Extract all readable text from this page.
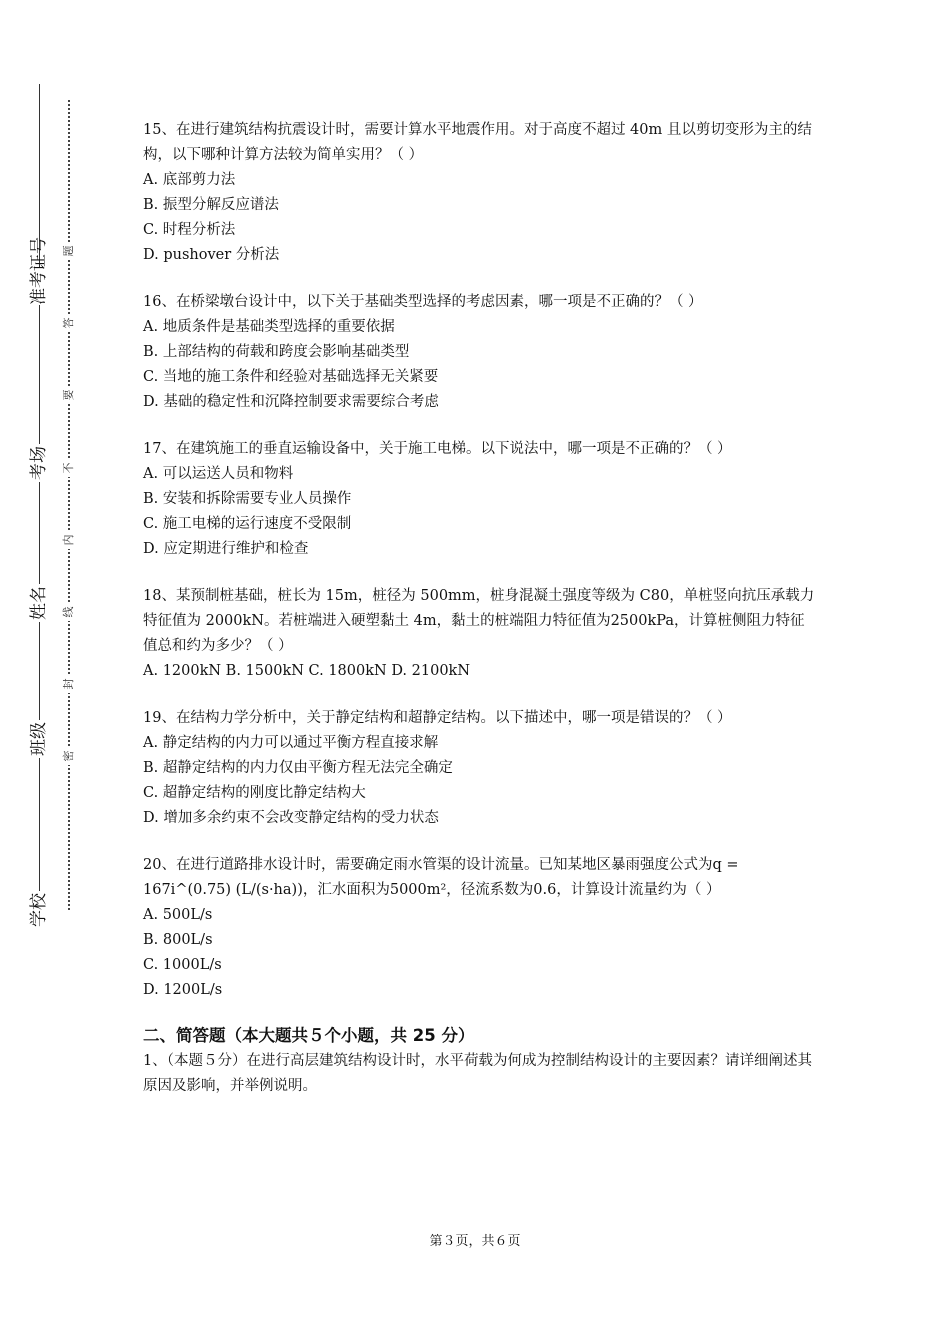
准考证号
考场
姓名
班级
学校
题
答
要
不
内
线
封
密
15、在进行建筑结构抗震设计时，需要计算水平地震作用。对于高度不超过 40m 且以剪切变形为主的结构，以下哪种计算方法较为简单实用？（ ）
A. 底部剪力法
B. 振型分解反应谱法
C. 时程分析法
D. pushover 分析法
16、在桥梁墩台设计中，以下关于基础类型选择的考虑因素，哪一项是不正确的？（ ）
A. 地质条件是基础类型选择的重要依据
B. 上部结构的荷载和跨度会影响基础类型
C. 当地的施工条件和经验对基础选择无关紧要
D. 基础的稳定性和沉降控制要求需要综合考虑
17、在建筑施工的垂直运输设备中，关于施工电梯。以下说法中，哪一项是不正确的？（ ）
A. 可以运送人员和物料
B. 安装和拆除需要专业人员操作
C. 施工电梯的运行速度不受限制
D. 应定期进行维护和检查
18、某预制桩基础，桩长为 15m，桩径为 500mm，桩身混凝土强度等级为 C80，单桩竖向抗压承载力特征值为 2000kN。若桩端进入硬塑黏土 4m，黏土的桩端阻力特征值为2500kPa，计算桩侧阻力特征值总和约为多少？（ ）
A. 1200kN B. 1500kN C. 1800kN D. 2100kN
19、在结构力学分析中，关于静定结构和超静定结构。以下描述中，哪一项是错误的？（ ）
A. 静定结构的内力可以通过平衡方程直接求解
B. 超静定结构的内力仅由平衡方程无法完全确定
C. 超静定结构的刚度比静定结构大
D. 增加多余约束不会改变静定结构的受力状态
20、在进行道路排水设计时，需要确定雨水管渠的设计流量。已知某地区暴雨强度公式为q = 167i^(0.75) (L/(s·ha))，汇水面积为5000m²，径流系数为0.6，计算设计流量约为（ ）
A. 500L/s
B. 800L/s
C. 1000L/s
D. 1200L/s
二、简答题（本大题共５个小题，共 25 分）
1、（本题５分）在进行高层建筑结构设计时，水平荷载为何成为控制结构设计的主要因素？请详细阐述其原因及影响，并举例说明。
第３页，共６页
